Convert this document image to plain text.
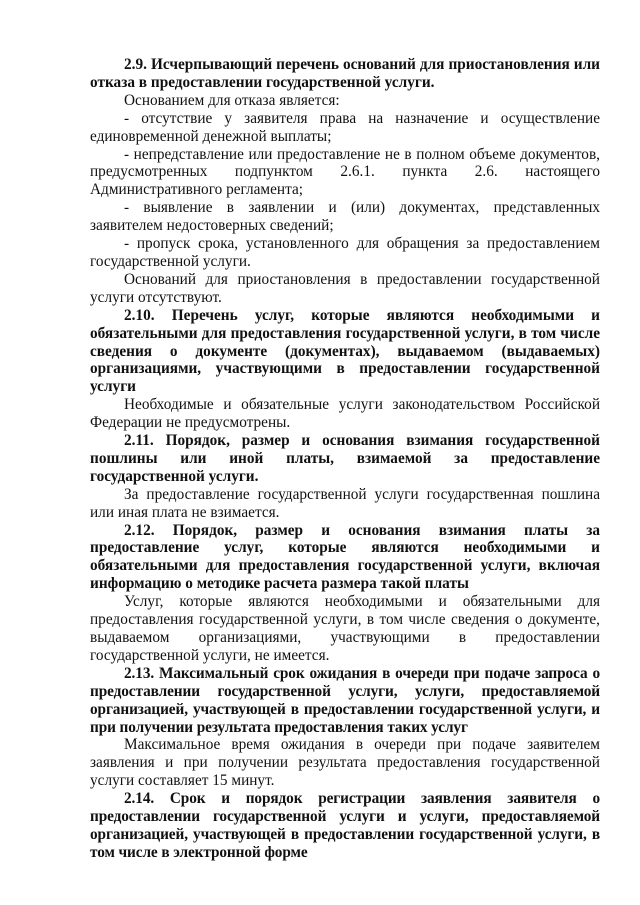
2.9. Исчерпывающий перечень оснований для приостановления или отказа в предоставлении государственной услуги.

Основанием для отказа является:

- отсутствие у заявителя права на назначение и осуществление единовременной денежной выплаты;

- непредставление или предоставление не в полном объеме документов, предусмотренных подпунктом 2.6.1. пункта 2.6. настоящего Административного регламента;

- выявление в заявлении и (или) документах, представленных заявителем недостоверных сведений;

- пропуск срока, установленного для обращения за предоставлением государственной услуги.

Оснований для приостановления в предоставлении государственной услуги отсутствуют.

2.10. Перечень услуг, которые являются необходимыми и обязательными для предоставления государственной услуги, в том числе сведения о документе (документах), выдаваемом (выдаваемых) организациями, участвующими в предоставлении государственной услуги

Необходимые и обязательные услуги законодательством Российской Федерации не предусмотрены.

2.11. Порядок, размер и основания взимания государственной пошлины или иной платы, взимаемой за предоставление государственной услуги.

За предоставление государственной услуги государственная пошлина или иная плата не взимается.

2.12. Порядок, размер и основания взимания платы за предоставление услуг, которые являются необходимыми и обязательными для предоставления государственной услуги, включая информацию о методике расчета размера такой платы

Услуг, которые являются необходимыми и обязательными для предоставления государственной услуги, в том числе сведения о документе, выдаваемом организациями, участвующими в предоставлении государственной услуги, не имеется.

2.13. Максимальный срок ожидания в очереди при подаче запроса о предоставлении государственной услуги, услуги, предоставляемой организацией, участвующей в предоставлении государственной услуги, и при получении результата предоставления таких услуг

Максимальное время ожидания в очереди при подаче заявителем заявления и при получении результата предоставления государственной услуги составляет 15 минут.

2.14. Срок и порядок регистрации заявления заявителя о предоставлении государственной услуги и услуги, предоставляемой организацией, участвующей в предоставлении государственной услуги, в том числе в электронной форме
